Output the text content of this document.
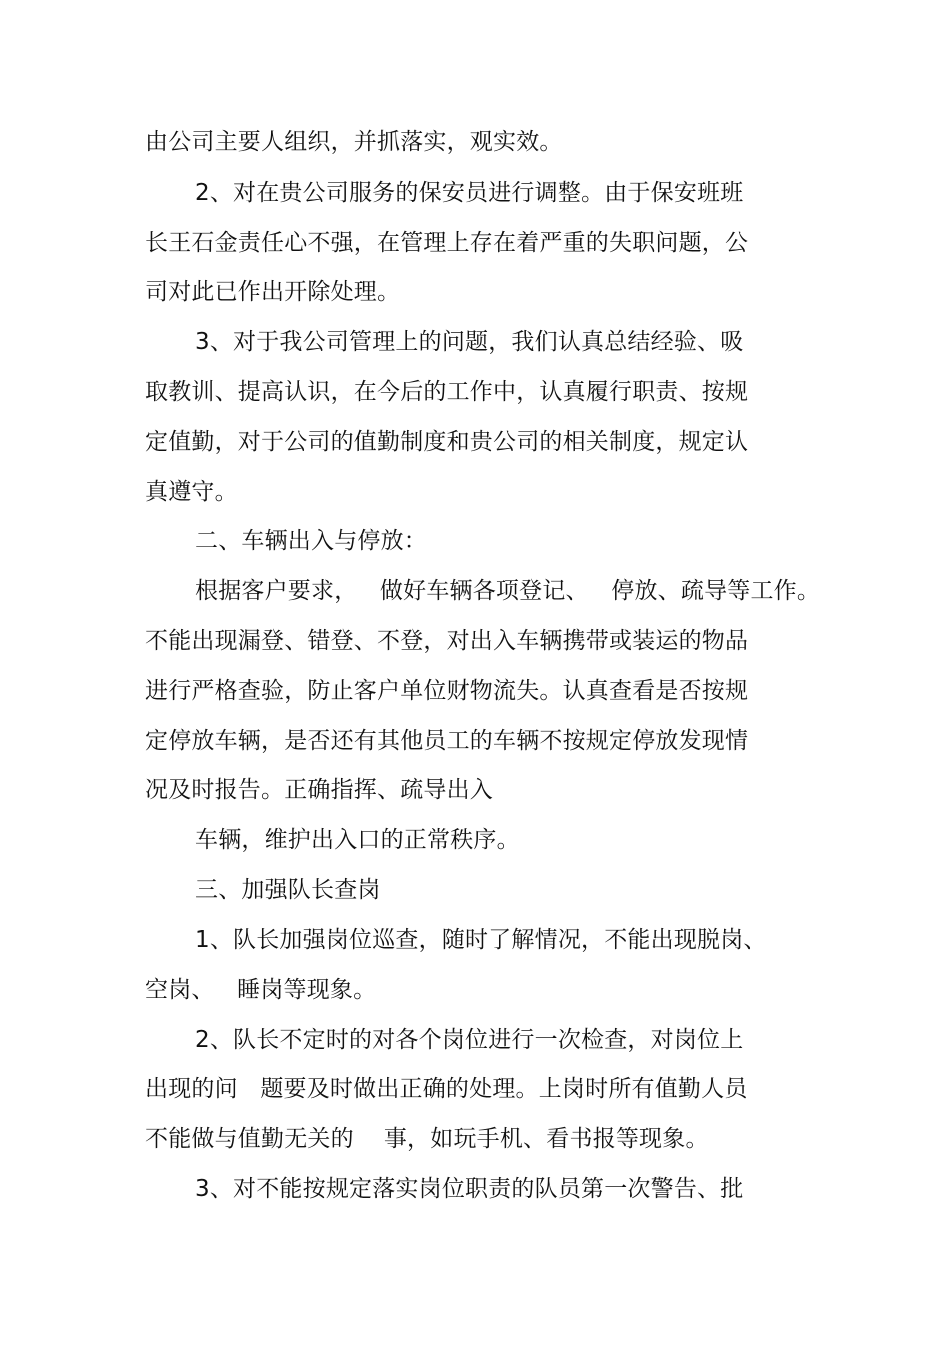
由公司主要人组织，并抓落实，观实效。
2、对在贵公司服务的保安员进行调整。由于保安班班
长王石金责任心不强，在管理上存在着严重的失职问题，公
司对此已作出开除处理。
3、对于我公司管理上的问题，我们认真总结经验、吸
取教训、提高认识，在今后的工作中，认真履行职责、按规
定值勤，对于公司的值勤制度和贵公司的相关制度，规定认
真遵守。
二、车辆出入与停放：
根据客户要求，   做好车辆各项登记、   停放、疏导等工作。
不能出现漏登、错登、不登，对出入车辆携带或装运的物品
进行严格查验，防止客户单位财物流失。认真查看是否按规
定停放车辆，是否还有其他员工的车辆不按规定停放发现情
况及时报告。正确指挥、疏导出入
车辆，维护出入口的正常秩序。
三、加强队长查岗
1、队长加强岗位巡查，随时了解情况，不能出现脱岗、
空岗、   睡岗等现象。
2、队长不定时的对各个岗位进行一次检查，对岗位上
出现的问   题要及时做出正确的处理。上岗时所有值勤人员
不能做与值勤无关的    事，如玩手机、看书报等现象。
3、对不能按规定落实岗位职责的队员第一次警告、批
